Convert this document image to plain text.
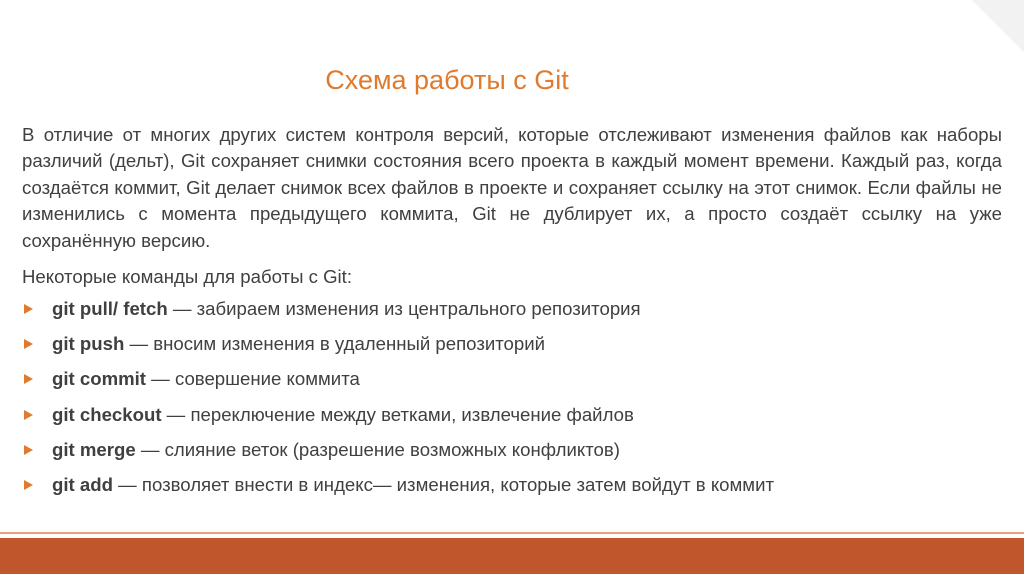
Схема работы с Git

В отличие от многих других систем контроля версий, которые отслеживают изменения файлов как наборы различий (дельт), Git сохраняет снимки состояния всего проекта в каждый момент времени. Каждый раз, когда создаётся коммит, Git делает снимок всех файлов в проекте и сохраняет ссылку на этот снимок. Если файлы не изменились с момента предыдущего коммита, Git не дублирует их, а просто создаёт ссылку на уже сохранённую версию.

Некоторые команды для работы с Git:

git pull/ fetch — забираем изменения из центрального репозитория
git push — вносим изменения в удаленный репозиторий
git commit — совершение коммита
git checkout — переключение между ветками, извлечение файлов
git merge — слияние веток (разрешение возможных конфликтов)
git add — позволяет внести в индекс— изменения, которые затем войдут в коммит
